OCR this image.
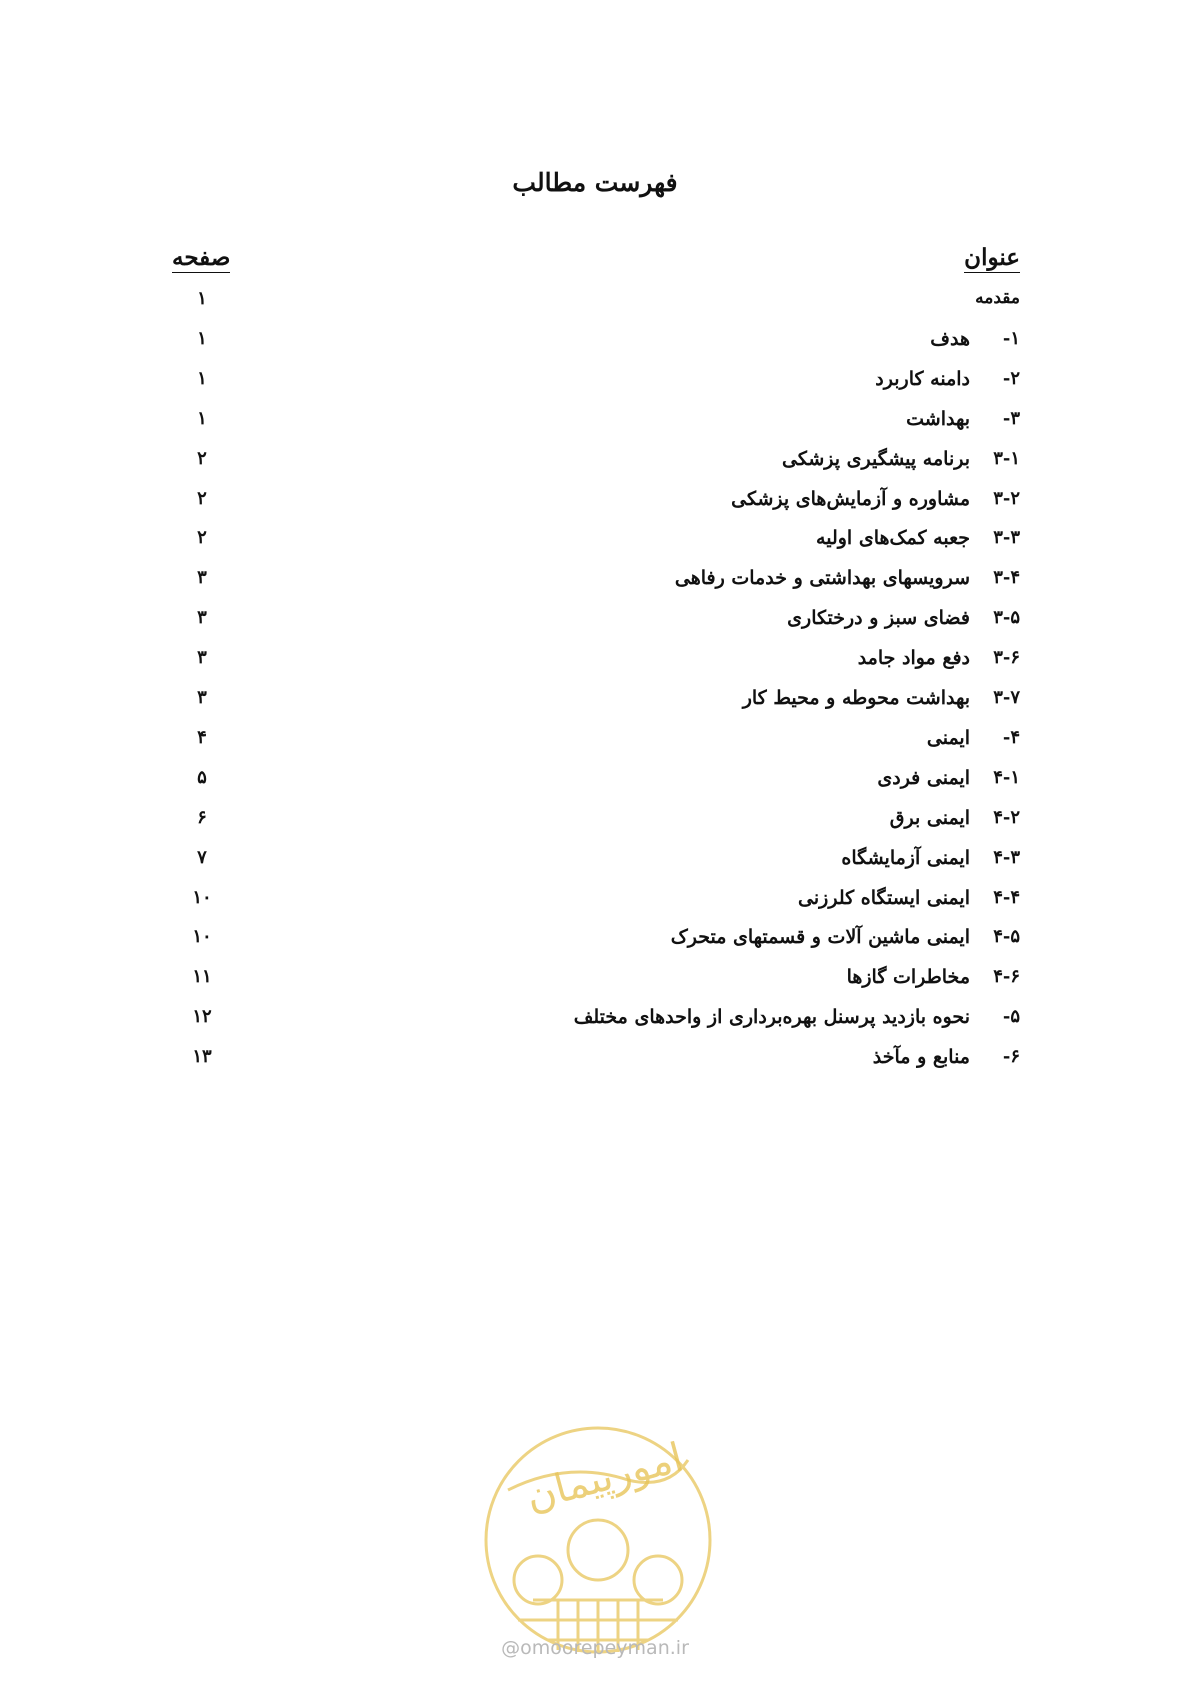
فهرست مطالب
عنوان
صفحه
مقدمه
۱
۱-
هدف
۱
۲-
دامنه کاربرد
۱
۳-
بهداشت
۱
۳-۱
برنامه پیشگیری پزشکی
۲
۳-۲
مشاوره و آزمایش‌های پزشکی
۲
۳-۳
جعبه کمک‌های اولیه
۲
۳-۴
سرویسهای بهداشتی و خدمات رفاهی
۳
۳-۵
فضای سبز و درختکاری
۳
۳-۶
دفع مواد جامد
۳
۳-۷
بهداشت محوطه و محیط کار
۳
۴-
ایمنی
۴
۴-۱
ایمنی فردی
۵
۴-۲
ایمنی برق
۶
۴-۳
ایمنی آزمایشگاه
۷
۴-۴
ایمنی ایستگاه کلرزنی
۱۰
۴-۵
ایمنی ماشین آلات و قسمتهای متحرک
۱۰
۴-۶
مخاطرات گازها
۱۱
۵-
نحوه بازدید پرسنل بهره‌برداری از واحدهای مختلف
۱۲
۶-
منابع و مآخذ
۱۳
امورپیمان
@omoorepeyman.ir
